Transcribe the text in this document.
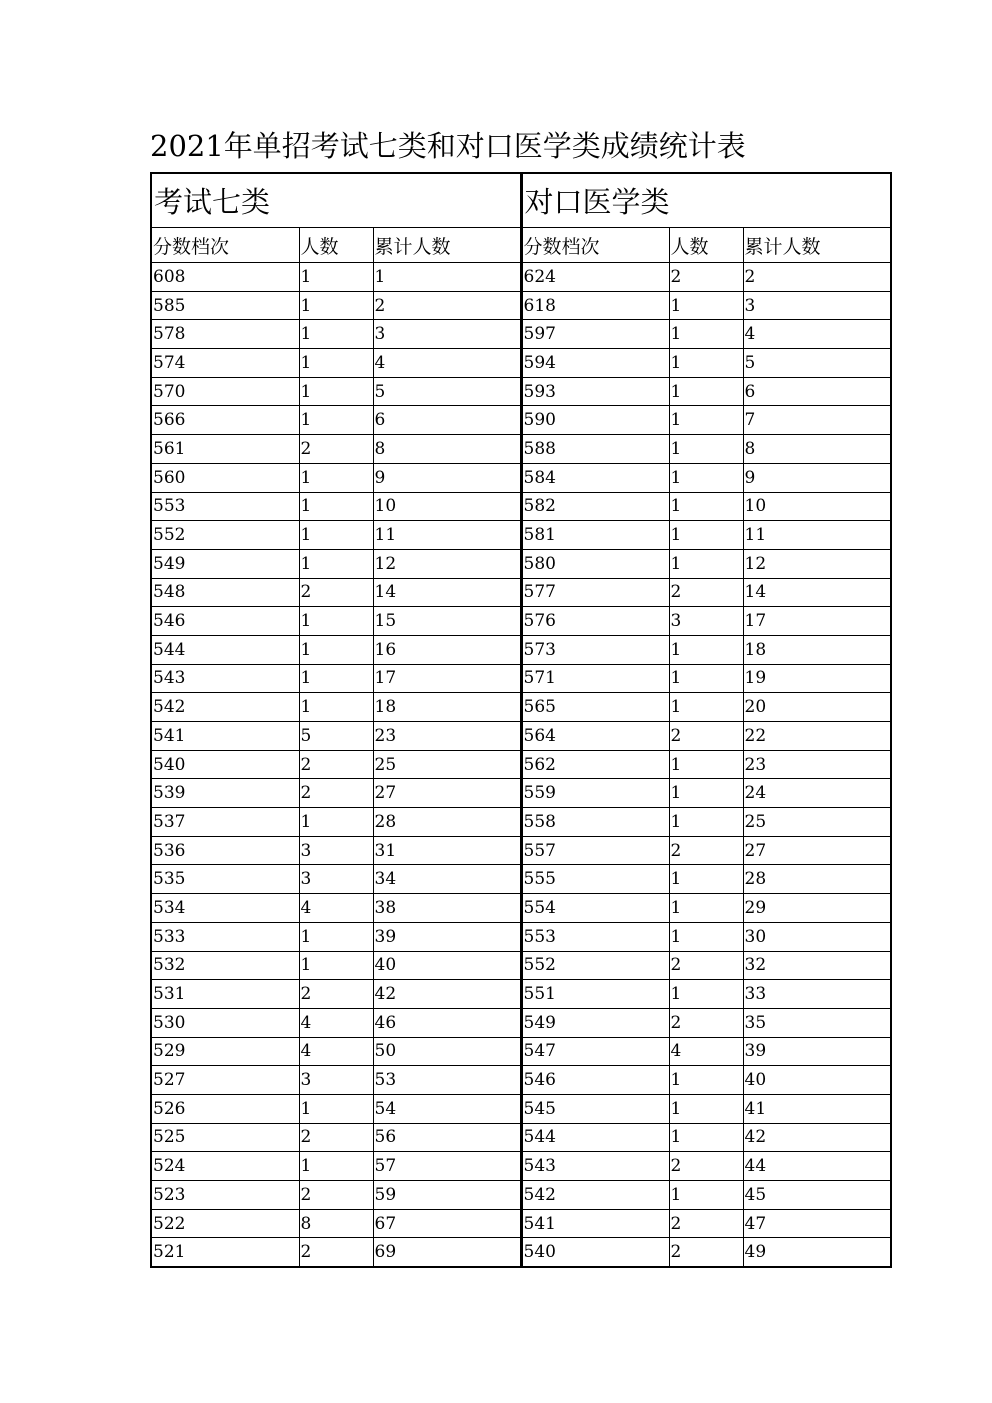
2021年单招考试七类和对口医学类成绩统计表
考试七类			对口医学类		
分数档次	人数	累计人数	分数档次	人数	累计人数
608	1	1	624	2	2
585	1	2	618	1	3
578	1	3	597	1	4
574	1	4	594	1	5
570	1	5	593	1	6
566	1	6	590	1	7
561	2	8	588	1	8
560	1	9	584	1	9
553	1	10	582	1	10
552	1	11	581	1	11
549	1	12	580	1	12
548	2	14	577	2	14
546	1	15	576	3	17
544	1	16	573	1	18
543	1	17	571	1	19
542	1	18	565	1	20
541	5	23	564	2	22
540	2	25	562	1	23
539	2	27	559	1	24
537	1	28	558	1	25
536	3	31	557	2	27
535	3	34	555	1	28
534	4	38	554	1	29
533	1	39	553	1	30
532	1	40	552	2	32
531	2	42	551	1	33
530	4	46	549	2	35
529	4	50	547	4	39
527	3	53	546	1	40
526	1	54	545	1	41
525	2	56	544	1	42
524	1	57	543	2	44
523	2	59	542	1	45
522	8	67	541	2	47
521	2	69	540	2	49
